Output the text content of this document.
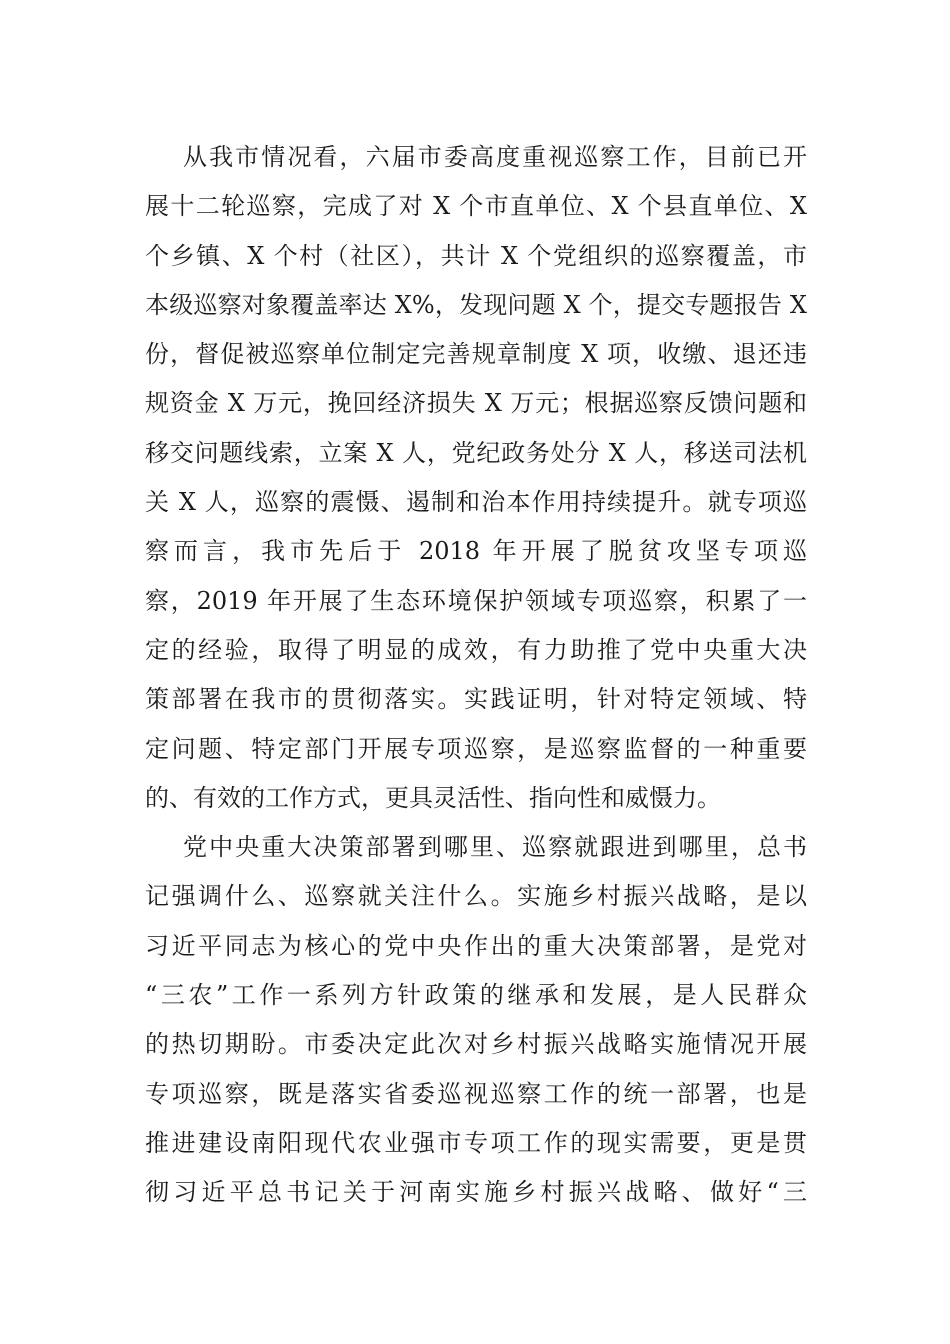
从我市情况看，六届市委高度重视巡察工作，目前已开
展十二轮巡察，完成了对 X 个市直单位、X 个县直单位、X
个乡镇、X 个村（社区），共计 X 个党组织的巡察覆盖，市
本级巡察对象覆盖率达 X%，发现问题 X 个，提交专题报告 X
份，督促被巡察单位制定完善规章制度 X 项，收缴、退还违
规资金 X 万元，挽回经济损失 X 万元；根据巡察反馈问题和
移交问题线索，立案 X 人，党纪政务处分 X 人，移送司法机
关 X 人，巡察的震慑、遏制和治本作用持续提升。就专项巡
察而言，我市先后于 2018 年开展了脱贫攻坚专项巡
察，2019 年开展了生态环境保护领域专项巡察，积累了一
定的经验，取得了明显的成效，有力助推了党中央重大决
策部署在我市的贯彻落实。实践证明，针对特定领域、特
定问题、特定部门开展专项巡察，是巡察监督的一种重要
的、有效的工作方式，更具灵活性、指向性和威慑力。
党中央重大决策部署到哪里、巡察就跟进到哪里，总书
记强调什么、巡察就关注什么。实施乡村振兴战略，是以
习近平同志为核心的党中央作出的重大决策部署，是党对
“三农”工作一系列方针政策的继承和发展，是人民群众
的热切期盼。市委决定此次对乡村振兴战略实施情况开展
专项巡察，既是落实省委巡视巡察工作的统一部署，也是
推进建设南阳现代农业强市专项工作的现实需要，更是贯
彻习近平总书记关于河南实施乡村振兴战略、做好“三
